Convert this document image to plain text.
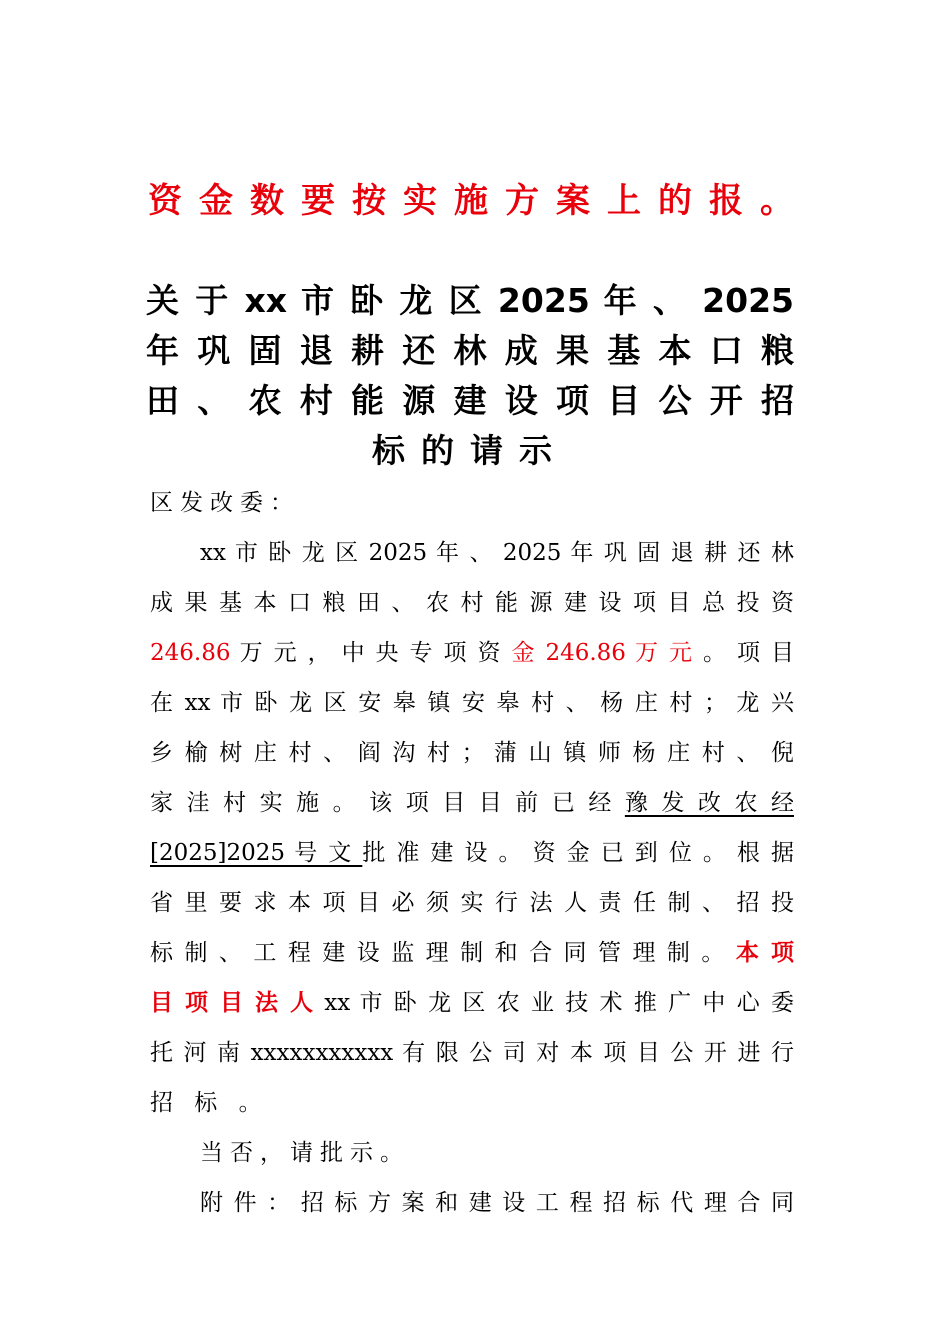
资金数要按实施方案上的报。
关 于 xx 市 卧 龙 区 2025 年 、 2025
年 巩 固 退 耕 还 林 成 果 基 本 口 粮
田 、 农 村 能 源 建 设 项 目 公 开 招
标的请示
区发改委：
xx 市 卧 龙 区 2025 年 、 2025 年 巩 固 退 耕 还 林
成 果 基 本 口 粮 田 、 农 村 能 源 建 设 项 目 总 投 资
246.86 万 元 ， 中 央 专 项 资 金 246.86 万 元 。 项 目
在 xx 市 卧 龙 区 安 皋 镇 安 皋 村 、 杨 庄 村 ； 龙 兴
乡 榆 树 庄 村 、 阎 沟 村 ； 蒲 山 镇 师 杨 庄 村 、 倪
家 洼 村 实 施 。 该 项 目 目 前 已 经 豫 发 改 农 经
[2025]2025 号 文 批 准 建 设 。 资 金 已 到 位 。 根 据
省 里 要 求 本 项 目 必 须 实 行 法 人 责 任 制 、 招 投
标 制 、 工 程 建 设 监 理 制 和 合 同 管 理 制 。 本 项
目 项 目 法 人 xx 市 卧 龙 区 农 业 技 术 推 广 中 心 委
托 河 南 xxxxxxxxxxx 有 限 公 司 对 本 项 目 公 开 进 行
招 标 。
当否，请批示。
附件：招标方案和建设工程招标代理合同
